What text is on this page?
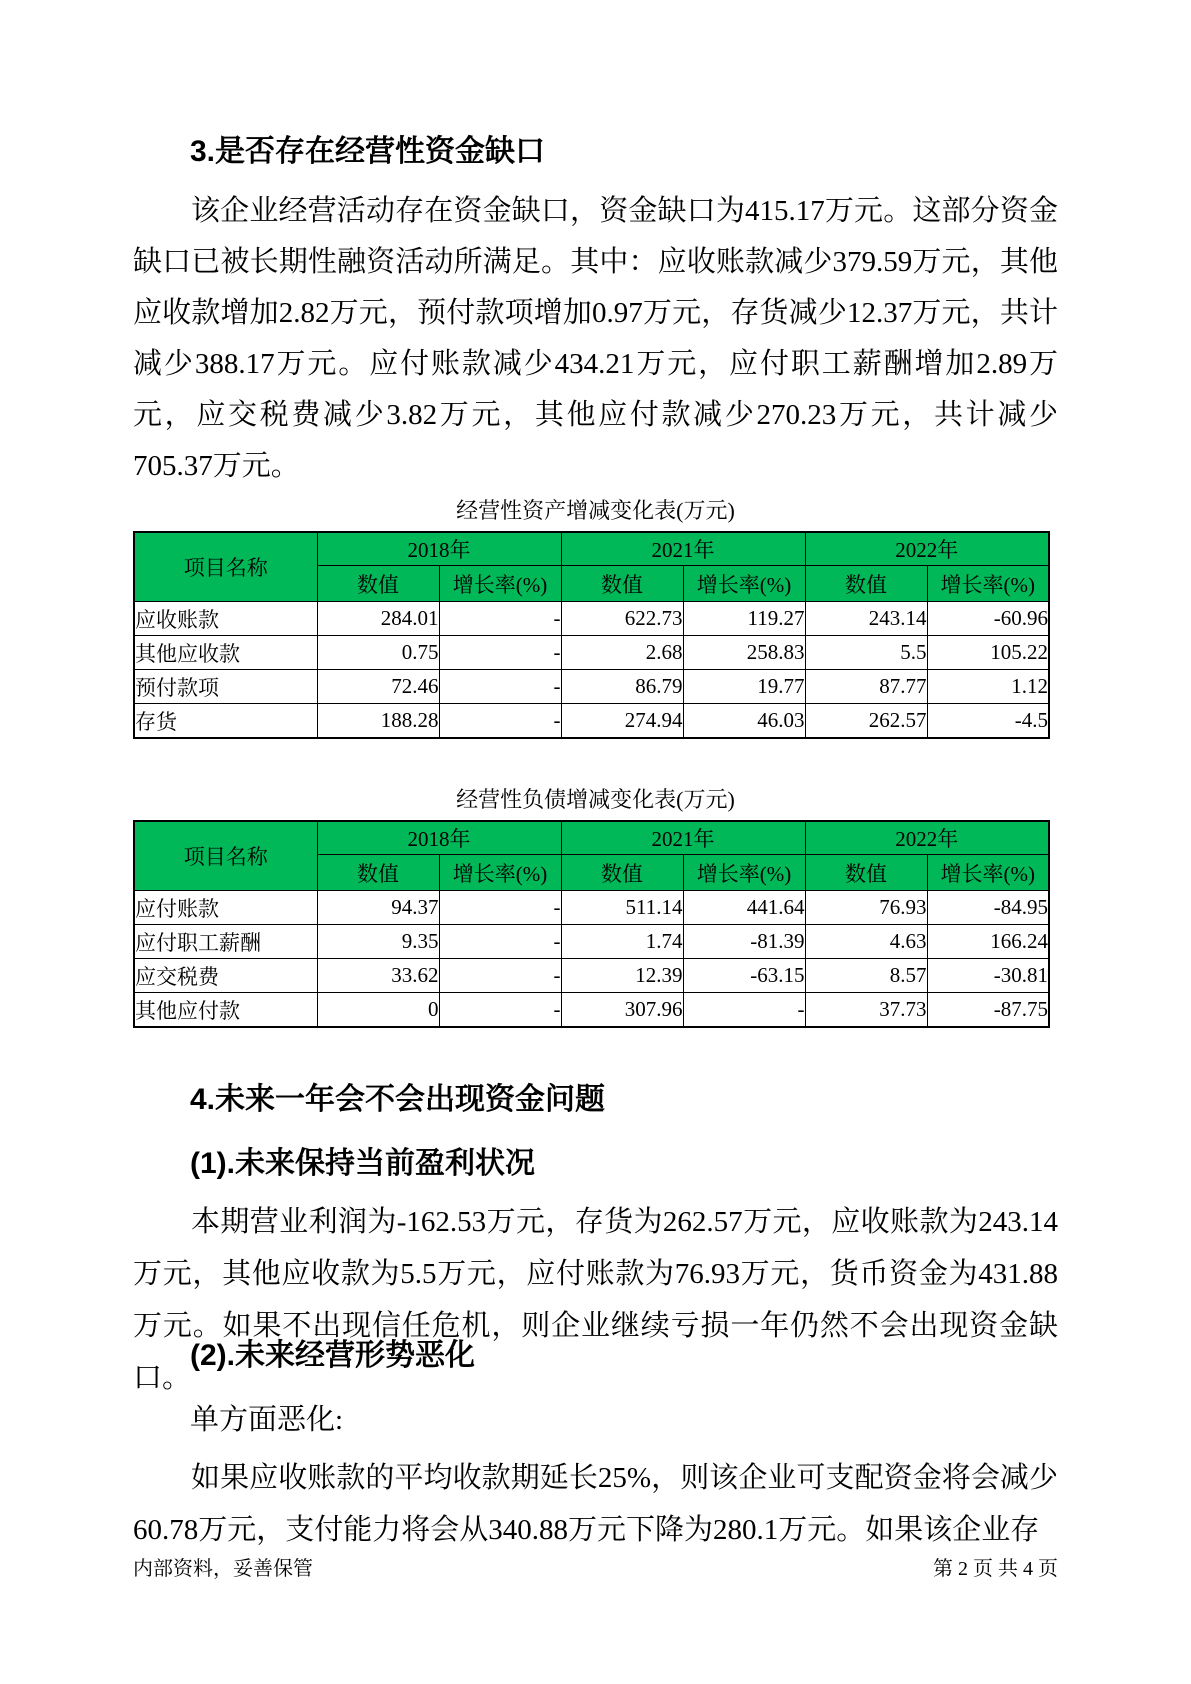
3.是否存在经营性资金缺口
该企业经营活动存在资金缺口，资金缺口为415.17万元。这部分资金缺口已被长期性融资活动所满足。其中：应收账款减少379.59万元，其他应收款增加2.82万元，预付款项增加0.97万元，存货减少12.37万元，共计减少388.17万元。应付账款减少434.21万元，应付职工薪酬增加2.89万元，应交税费减少3.82万元，其他应付款减少270.23万元，共计减少705.37万元。
经营性资产增减变化表(万元)
项目名称	2018年		2021年		2022年	
	数值	增长率(%)	数值	增长率(%)	数值	增长率(%)
应收账款	284.01	-	622.73	119.27	243.14	-60.96
其他应收款	0.75	-	2.68	258.83	5.5	105.22
预付款项	72.46	-	86.79	19.77	87.77	1.12
存货	188.28	-	274.94	46.03	262.57	-4.5
经营性负债增减变化表(万元)
项目名称	2018年		2021年		2022年	
	数值	增长率(%)	数值	增长率(%)	数值	增长率(%)
应付账款	94.37	-	511.14	441.64	76.93	-84.95
应付职工薪酬	9.35	-	1.74	-81.39	4.63	166.24
应交税费	33.62	-	12.39	-63.15	8.57	-30.81
其他应付款	0	-	307.96	-	37.73	-87.75
4.未来一年会不会出现资金问题
(1).未来保持当前盈利状况
本期营业利润为-162.53万元，存货为262.57万元，应收账款为243.14万元，其他应收款为5.5万元，应付账款为76.93万元，货币资金为431.88万元。如果不出现信任危机，则企业继续亏损一年仍然不会出现资金缺口。
(2).未来经营形势恶化
单方面恶化:
如果应收账款的平均收款期延长25%，则该企业可支配资金将会减少60.78万元，支付能力将会从340.88万元下降为280.1万元。如果该企业存
内部资料，妥善保管	第 2 页 共 4 页
